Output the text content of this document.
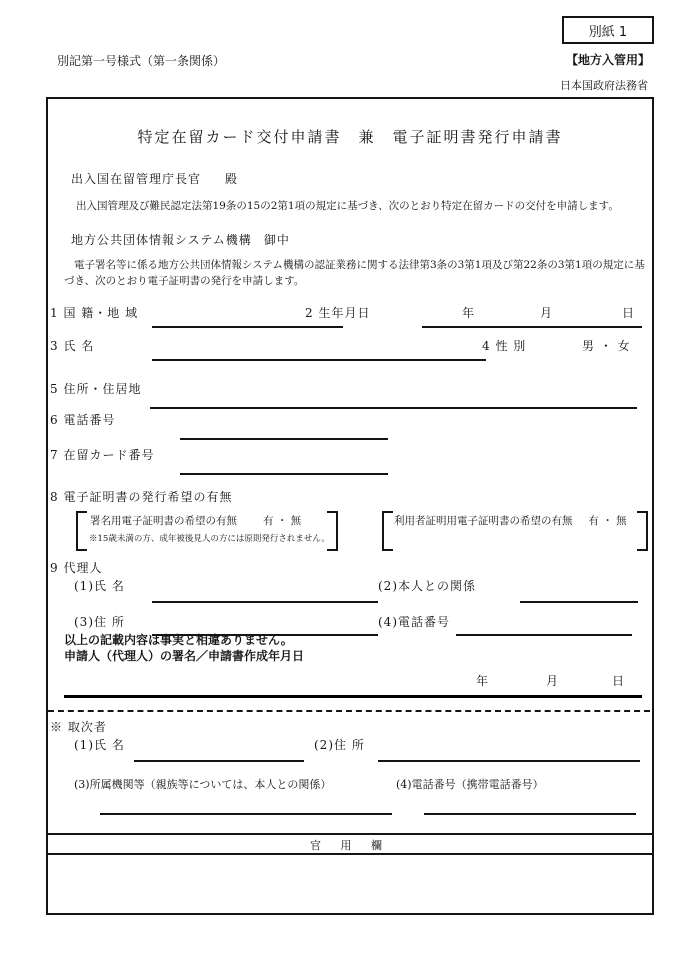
別紙 1
別記第一号様式（第一条関係）	【地方入管用】
日本国政府法務省
特定在留カード交付申請書　兼　電子証明書発行申請書
出入国在留管理庁長官 殿
出入国管理及び難民認定法第19条の15の2第1項の規定に基づき、次のとおり特定在留カードの交付を申請します。
地方公共団体情報システム機構 御中
電子署名等に係る地方公共団体情報システム機構の認証業務に関する法律第3条の3第1項及び第22条の3第1項の規定に基づき、次のとおり電子証明書の発行を申請します。
1 国 籍・地 域	2 生年月日	年	月	日
3 氏 名	4 性 別	男 ・ 女
5 住所・住居地
6 電話番号
7 在留カード番号
8 電子証明書の発行希望の有無
署名用電子証明書の希望の有無 有 ・ 無
※15歳未満の方、成年被後見人の方には原則発行されません。
利用者証明用電子証明書の希望の有無 有 ・ 無
9 代理人
(1)氏 名	(2)本人との関係
(3)住 所	(4)電話番号
以上の記載内容は事実と相違ありません。
申請人（代理人）の署名／申請書作成年月日
年	月	日
※ 取次者
(1)氏 名	(2)住 所
(3)所属機関等（親族等については、本人との関係）	(4)電話番号（携帯電話番号）
官 用 欄
